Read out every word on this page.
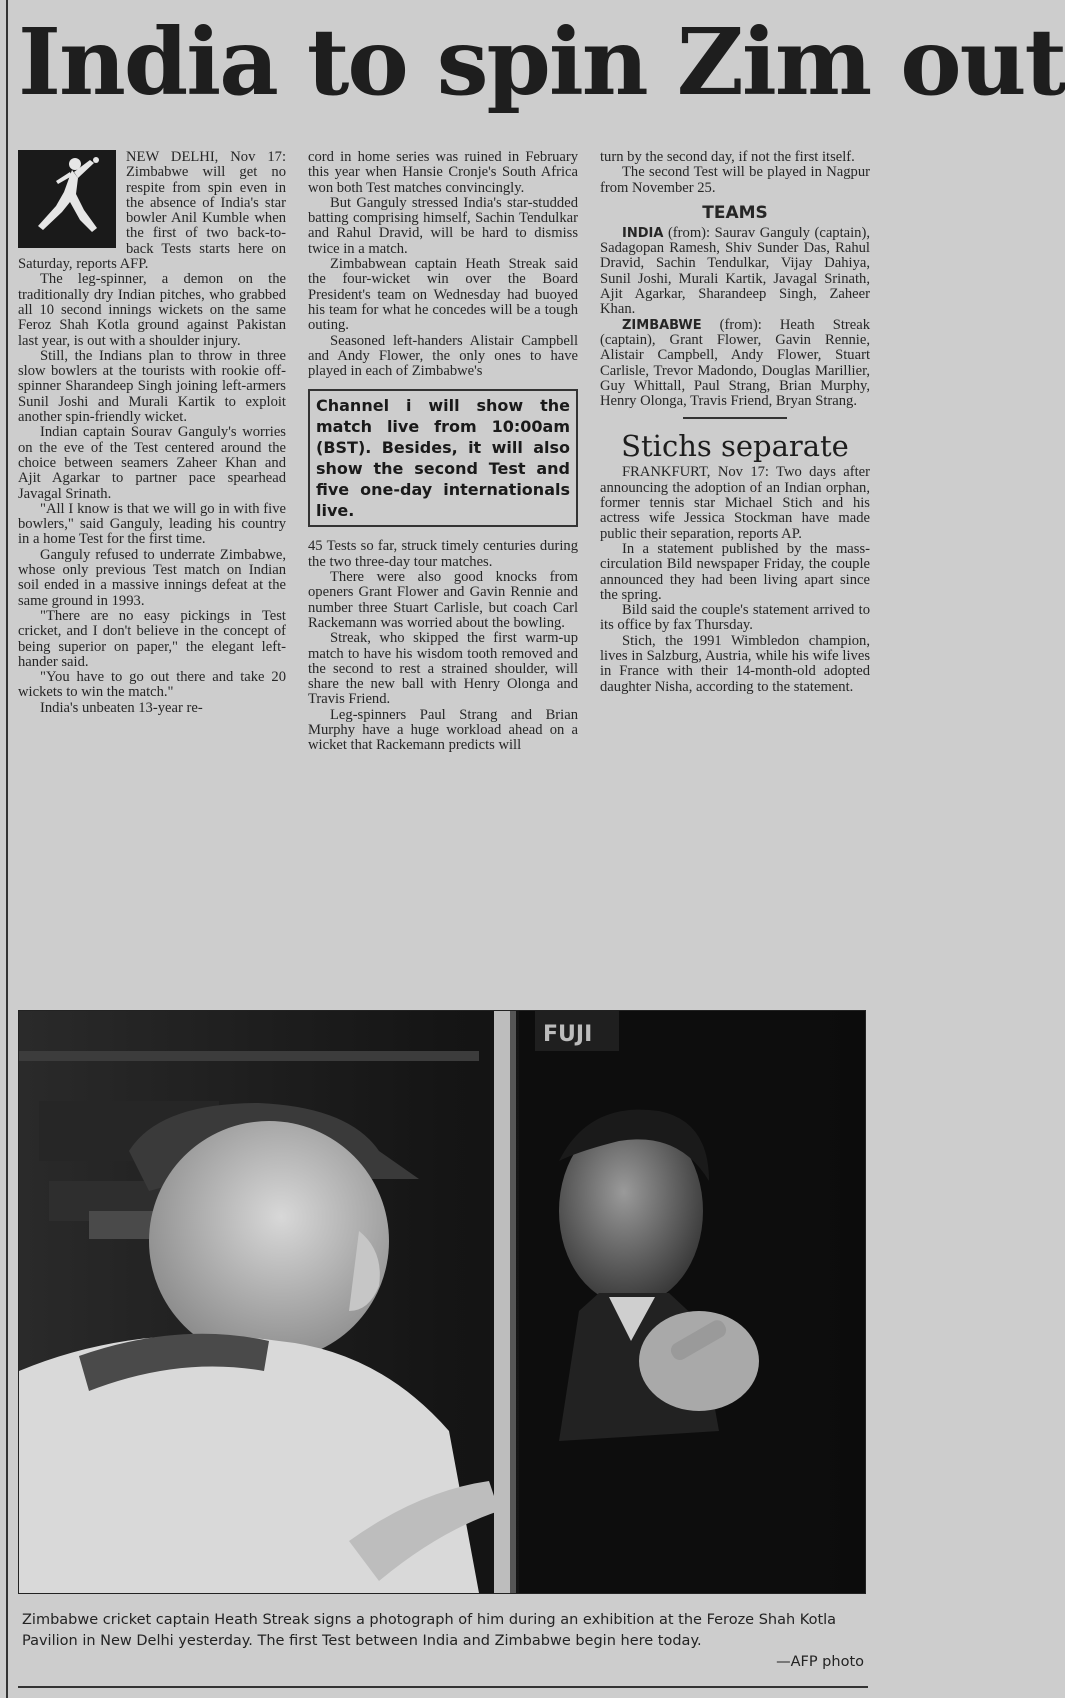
India to spin Zim out

NEW DELHI, Nov 17: Zimbabwe will get no respite from spin even in the absence of India's star bowler Anil Kumble when the first of two back-to-back Tests starts here on Saturday, reports AFP.

The leg-spinner, a demon on the traditionally dry Indian pitches, who grabbed all 10 second innings wickets on the same Feroz Shah Kotla ground against Pakistan last year, is out with a shoulder injury.

Still, the Indians plan to throw in three slow bowlers at the tourists with rookie off-spinner Sharandeep Singh joining left-armers Sunil Joshi and Murali Kartik to exploit another spin-friendly wicket.

Indian captain Sourav Ganguly's worries on the eve of the Test centered around the choice between seamers Zaheer Khan and Ajit Agarkar to partner pace spearhead Javagal Srinath.

"All I know is that we will go in with five bowlers," said Ganguly, leading his country in a home Test for the first time.

Ganguly refused to underrate Zimbabwe, whose only previous Test match on Indian soil ended in a massive innings defeat at the same ground in 1993.

"There are no easy pickings in Test cricket, and I don't believe in the concept of being superior on paper," the elegant left-hander said.

"You have to go out there and take 20 wickets to win the match."

India's unbeaten 13-year re-

cord in home series was ruined in February this year when Hansie Cronje's South Africa won both Test matches convincingly.

But Ganguly stressed India's star-studded batting comprising himself, Sachin Tendulkar and Rahul Dravid, will be hard to dismiss twice in a match.

Zimbabwean captain Heath Streak said the four-wicket win over the Board President's team on Wednesday had buoyed his team for what he concedes will be a tough outing.

Seasoned left-handers Alistair Campbell and Andy Flower, the only ones to have played in each of Zimbabwe's

Channel i will show the match live from 10:00am (BST). Besides, it will also show the second Test and five one-day internationals live.

45 Tests so far, struck timely centuries during the two three-day tour matches.

There were also good knocks from openers Grant Flower and Gavin Rennie and number three Stuart Carlisle, but coach Carl Rackemann was worried about the bowling.

Streak, who skipped the first warm-up match to have his wisdom tooth removed and the second to rest a strained shoulder, will share the new ball with Henry Olonga and Travis Friend.

Leg-spinners Paul Strang and Brian Murphy have a huge workload ahead on a wicket that Rackemann predicts will

turn by the second day, if not the first itself.

The second Test will be played in Nagpur from November 25.

TEAMS

INDIA (from): Saurav Ganguly (captain), Sadagopan Ramesh, Shiv Sunder Das, Rahul Dravid, Sachin Tendulkar, Vijay Dahiya, Sunil Joshi, Murali Kartik, Javagal Srinath, Ajit Agarkar, Sharandeep Singh, Zaheer Khan.

ZIMBABWE (from): Heath Streak (captain), Grant Flower, Gavin Rennie, Alistair Campbell, Andy Flower, Stuart Carlisle, Trevor Madondo, Douglas Marillier, Guy Whittall, Paul Strang, Brian Murphy, Henry Olonga, Travis Friend, Bryan Strang.

Stichs separate

FRANKFURT, Nov 17: Two days after announcing the adoption of an Indian orphan, former tennis star Michael Stich and his actress wife Jessica Stockman have made public their separation, reports AP.

In a statement published by the mass-circulation Bild newspaper Friday, the couple announced they had been living apart since the spring.

Bild said the couple's statement arrived to its office by fax Thursday.

Stich, the 1991 Wimbledon champion, lives in Salzburg, Austria, while his wife lives in France with their 14-month-old adopted daughter Nisha, according to the statement.

FUJI
Zimbabwe cricket captain Heath Streak signs a photograph of him during an exhibition at the Feroze Shah Kotla Pavilion in New Delhi yesterday. The first Test between India and Zimbabwe begin here today.
—AFP photo
